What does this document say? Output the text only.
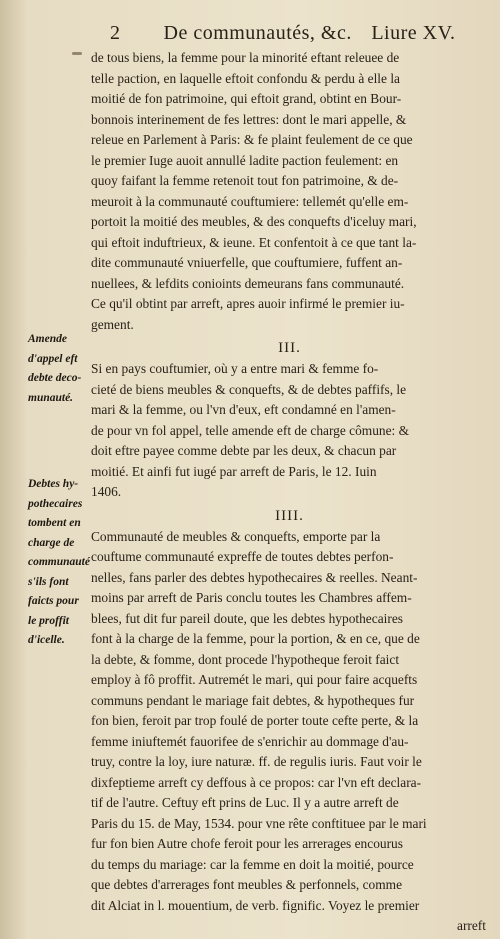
2 De communautés, &c. Liure XV.
de tous biens, la femme pour la minorité eftant releuee de
telle paction, en laquelle eftoit confondu & perdu à elle la
moitié de fon patrimoine, qui eftoit grand, obtint en Bour-
bonnois interinement de fes lettres: dont le mari appelle, &
releue en Parlement à Paris: & fe plaint feulement de ce que
le premier Iuge auoit annullé ladite paction feulement: en
quoy faifant la femme retenoit tout fon patrimoine, & de-
meuroit à la communauté couftumiere: tellemét qu'elle em-
portoit la moitié des meubles, & des conquefts d'iceluy mari,
qui eftoit induftrieux, & ieune. Et confentoit à ce que tant la-
dite communauté vniuerfelle, que couftumiere, fuffent an-
nuellees, & lefdits conioints demeurans fans communauté.
Ce qu'il obtint par arreft, apres auoir infirmé le premier iu-
gement.
III.
Si en pays couftumier, où y a entre mari & femme fo-
cieté de biens meubles & conquefts, & de debtes paffifs, le
mari & la femme, ou l'vn d'eux, eft condamné en l'amen-
de pour vn fol appel, telle amende eft de charge cômune: &
doit eftre payee comme debte par les deux, & chacun par
moitié. Et ainfi fut iugé par arreft de Paris, le 12. Iuin
1406.
IIII.
Communauté de meubles & conquefts, emporte par la
couftume communauté expreffe de toutes debtes perfon-
nelles, fans parler des debtes hypothecaires & reelles. Neant-
moins par arreft de Paris conclu toutes les Chambres affem-
blees, fut dit fur pareil doute, que les debtes hypothecaires
font à la charge de la femme, pour la portion, & en ce, que de
la debte, & fomme, dont procede l'hypotheque feroit faict
employ à fô proffit. Autremét le mari, qui pour faire acquefts
communs pendant le mariage fait debtes, & hypotheques fur
fon bien, feroit par trop foulé de porter toute cefte perte, & la
femme iniuftemét fauorifee de s'enrichir au dommage d'au-
truy, contre la loy, iure naturæ. ff. de regulis iuris. Faut voir le
dixfeptieme arreft cy deffous à ce propos: car l'vn eft declara-
tif de l'autre. Ceftuy eft prins de Luc. Il y a autre arreft de
Paris du 15. de May, 1534. pour vne rête conftituee par le mari
fur fon bien Autre chofe feroit pour les arrerages encourus
du temps du mariage: car la femme en doit la moitié, pource
que debtes d'arrerages font meubles & perfonnels, comme
dit Alciat in l. mouentium, de verb. fignific. Voyez le premier
arreft
Amende
d'appel eft
debte deco-
munauté.
Debtes hy-
pothecaires
tombent en
charge de
communauté
s'ils font
faicts pour
le proffit
d'icelle.
